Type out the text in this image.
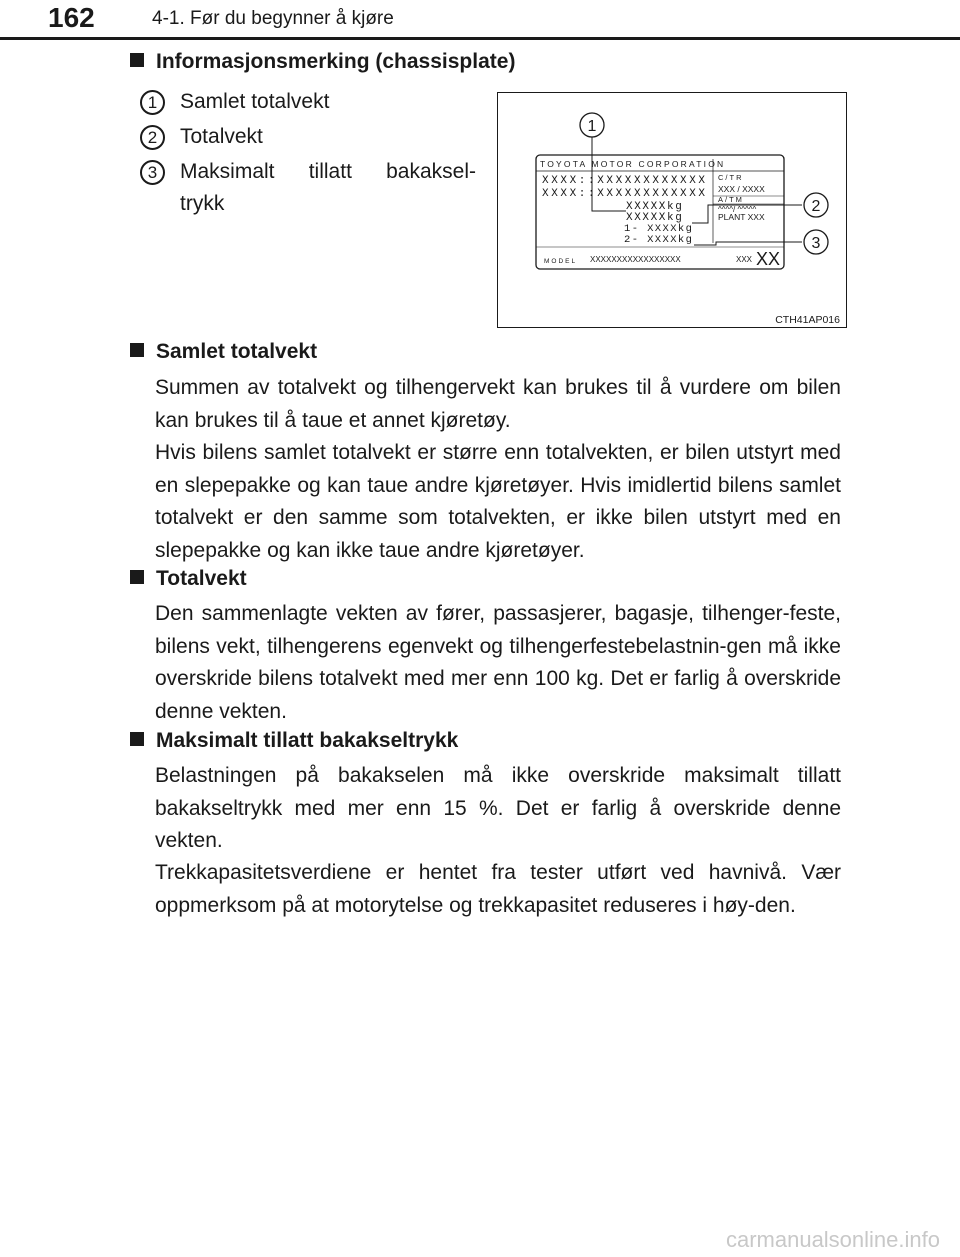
162	4-1. Før du begynner å kjøre
Informasjonsmerking (chassisplate)
1	Samlet totalvekt
2	Totalvekt
3	Maksimalt tillatt bakaksel-
trykk
TOYOTA MOTOR CORPORATION
XXXX::XXXXXXXXXXXX
XXXX::XXXXXXXXXXXX
XXXXXkg
XXXXXkg
1- XXXXkg
2- XXXXkg
C/TR
XXX / XXXX
A/TM
^^^^/ ^^^^^
PLANT XXX
MODEL XXXXXXXXXXXXXXXXX	XXX XX
1
2
3
CTH41AP016
Samlet totalvekt
Summen av totalvekt og tilhengervekt kan brukes til å vurdere om bilen kan brukes til å taue et annet kjøretøy.
Hvis bilens samlet totalvekt er større enn totalvekten, er bilen utstyrt med en slepepakke og kan taue andre kjøretøyer. Hvis imidlertid bilens samlet totalvekt er den samme som totalvekten, er ikke bilen utstyrt med en slepepakke og kan ikke taue andre kjøretøyer.
Totalvekt
Den sammenlagte vekten av fører, passasjerer, bagasje, tilhenger-feste, bilens vekt, tilhengerens egenvekt og tilhengerfestebelastnin-gen må ikke overskride bilens totalvekt med mer enn 100 kg. Det er farlig å overskride denne vekten.
Maksimalt tillatt bakakseltrykk
Belastningen på bakakselen må ikke overskride maksimalt tillatt bakakseltrykk med mer enn 15 %. Det er farlig å overskride denne vekten.
Trekkapasitetsverdiene er hentet fra tester utført ved havnivå. Vær oppmerksom på at motorytelse og trekkapasitet reduseres i høy-den.
carmanualsonline.info
